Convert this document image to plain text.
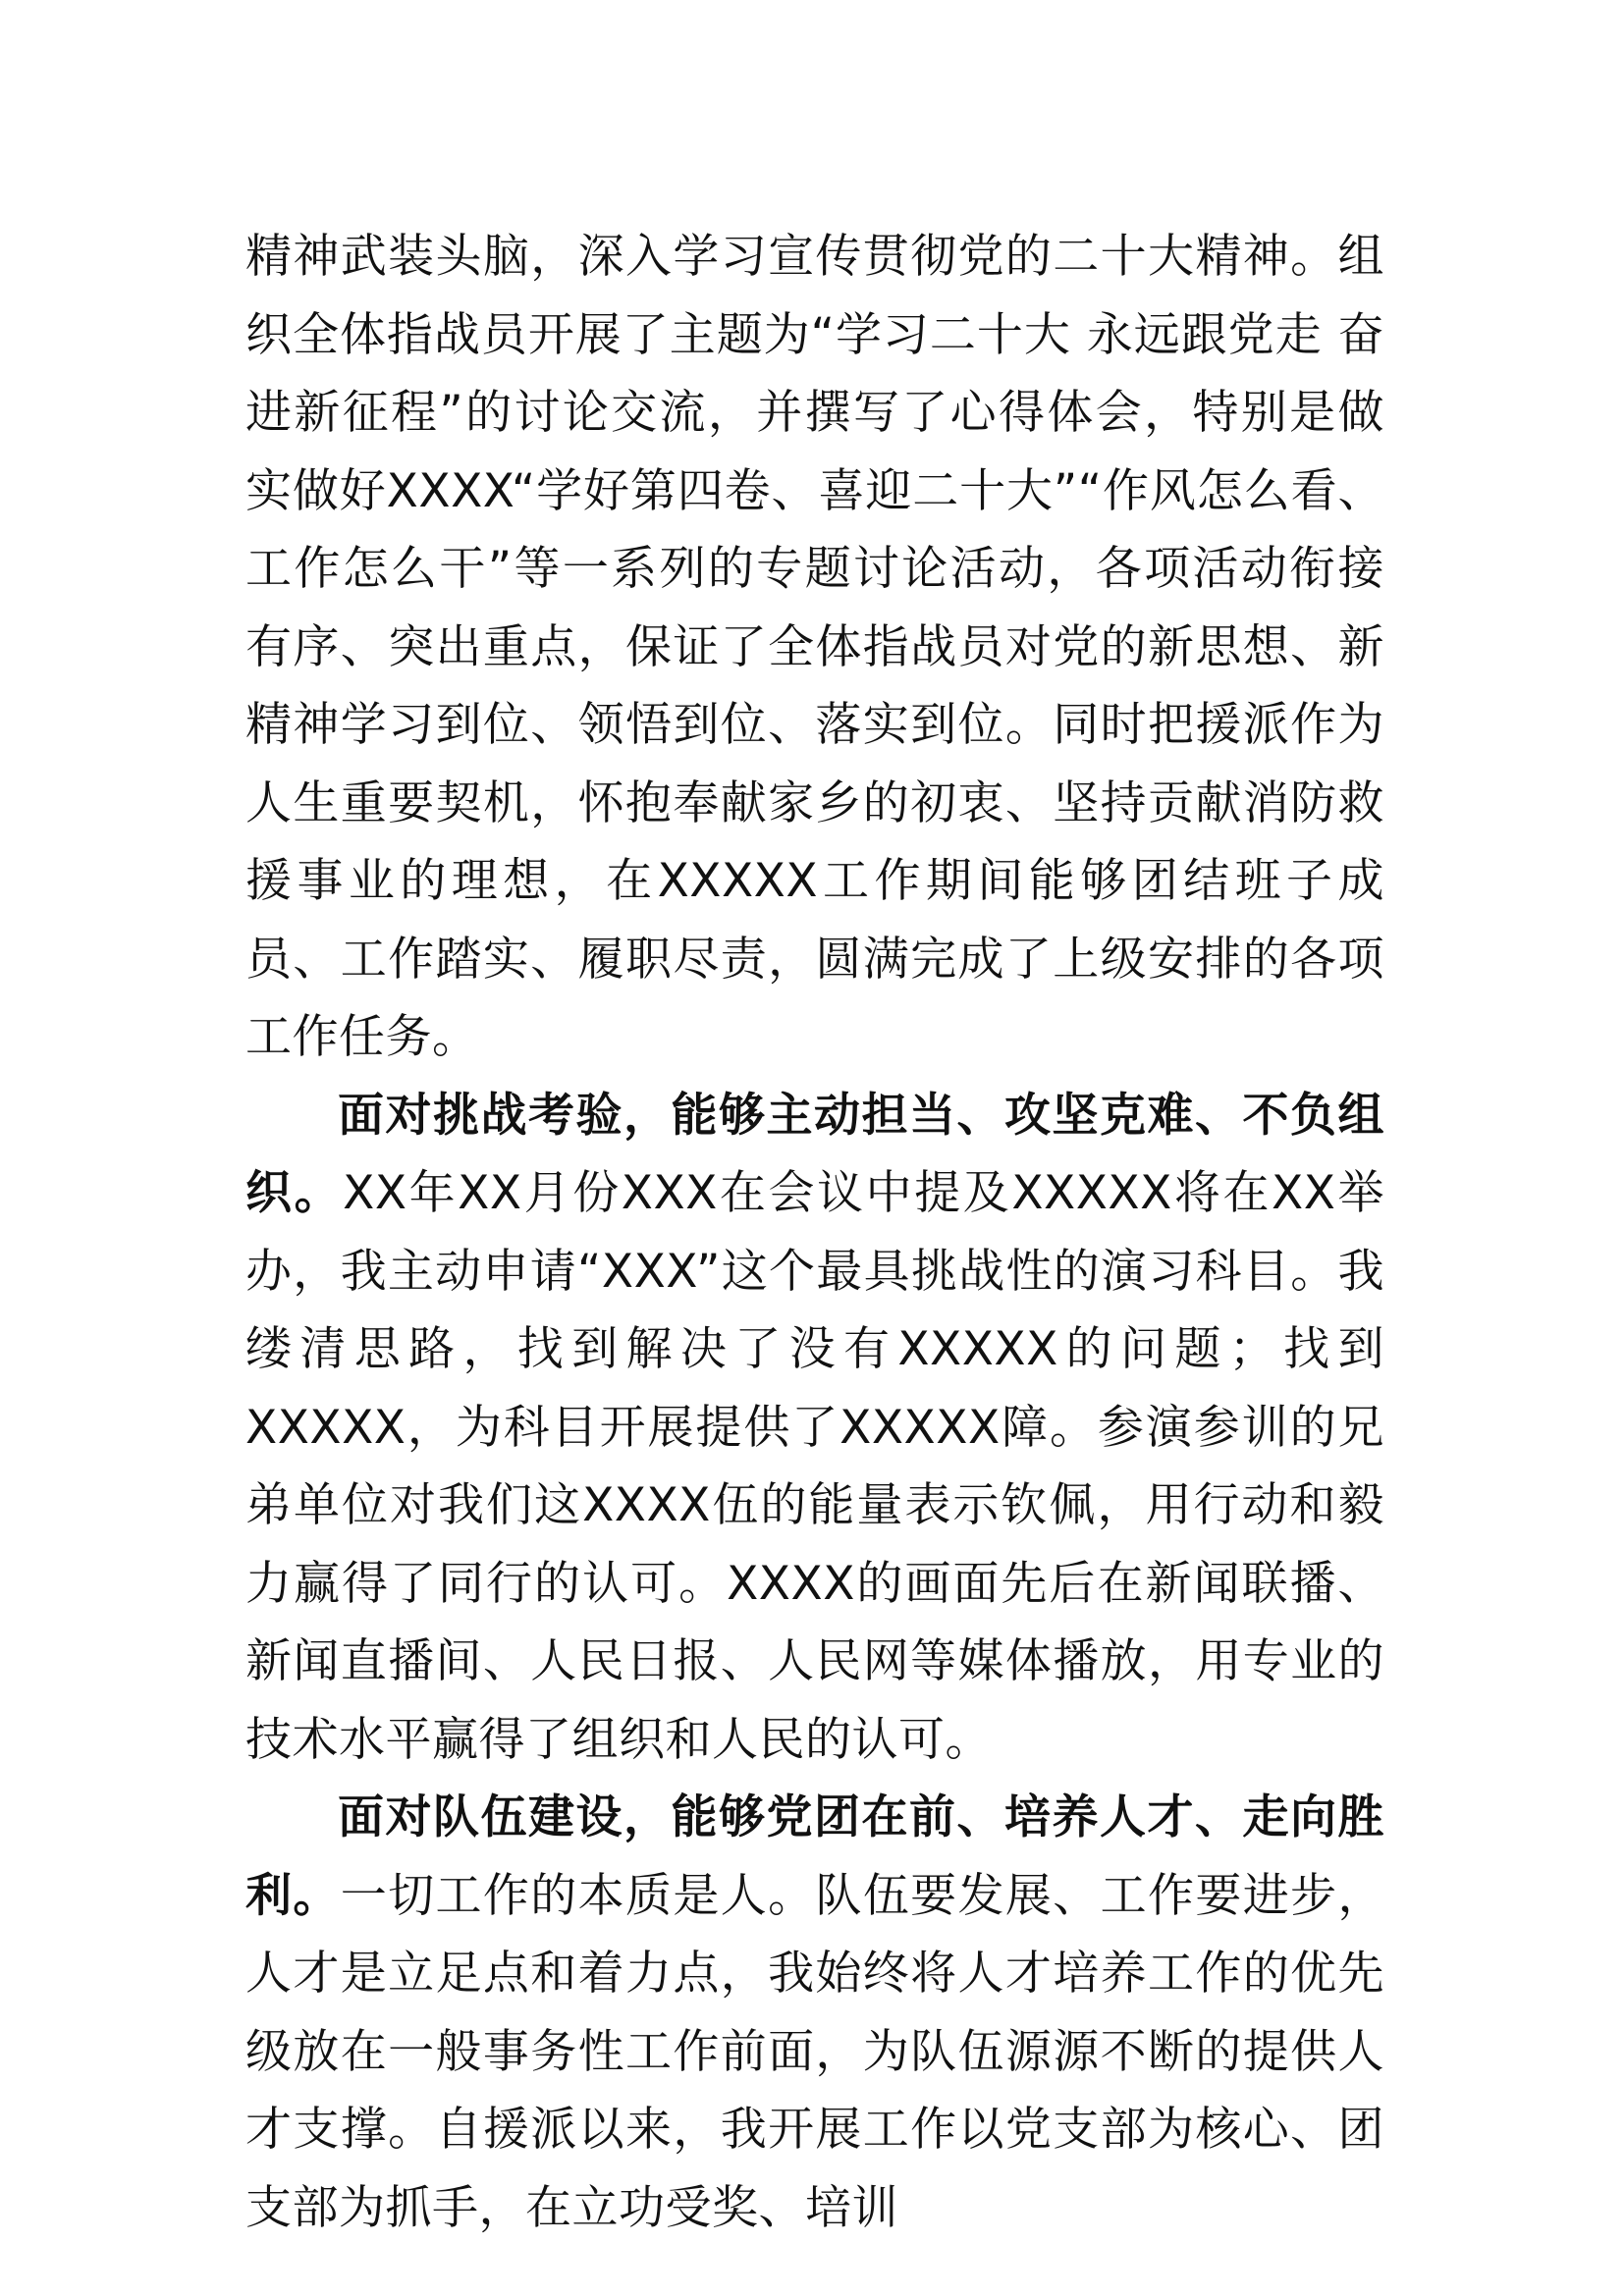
精神武装头脑，深入学习宣传贯彻党的二十大精神。组织全体指战员开展了主题为“学习二十大 永远跟党走 奋进新征程”的讨论交流，并撰写了心得体会，特别是做实做好XXXX“学好第四卷、喜迎二十大”“作风怎么看、工作怎么干”等一系列的专题讨论活动，各项活动衔接有序、突出重点，保证了全体指战员对党的新思想、新精神学习到位、领悟到位、落实到位。同时把援派作为人生重要契机，怀抱奉献家乡的初衷、坚持贡献消防救援事业的理想，在XXXXX工作期间能够团结班子成员、工作踏实、履职尽责，圆满完成了上级安排的各项工作任务。

面对挑战考验，能够主动担当、攻坚克难、不负组织。XX年XX月份XXX在会议中提及XXXXX将在XX举办，我主动申请“XXX”这个最具挑战性的演习科目。我缕清思路，找到解决了没有XXXXX的问题；找到XXXXX，为科目开展提供了XXXXX障。参演参训的兄弟单位对我们这XXXX伍的能量表示钦佩，用行动和毅力赢得了同行的认可。XXXX的画面先后在新闻联播、新闻直播间、人民日报、人民网等媒体播放，用专业的技术水平赢得了组织和人民的认可。

面对队伍建设，能够党团在前、培养人才、走向胜利。一切工作的本质是人。队伍要发展、工作要进步，人才是立足点和着力点，我始终将人才培养工作的优先级放在一般事务性工作前面，为队伍源源不断的提供人才支撑。自援派以来，我开展工作以党支部为核心、团支部为抓手，在立功受奖、培训
